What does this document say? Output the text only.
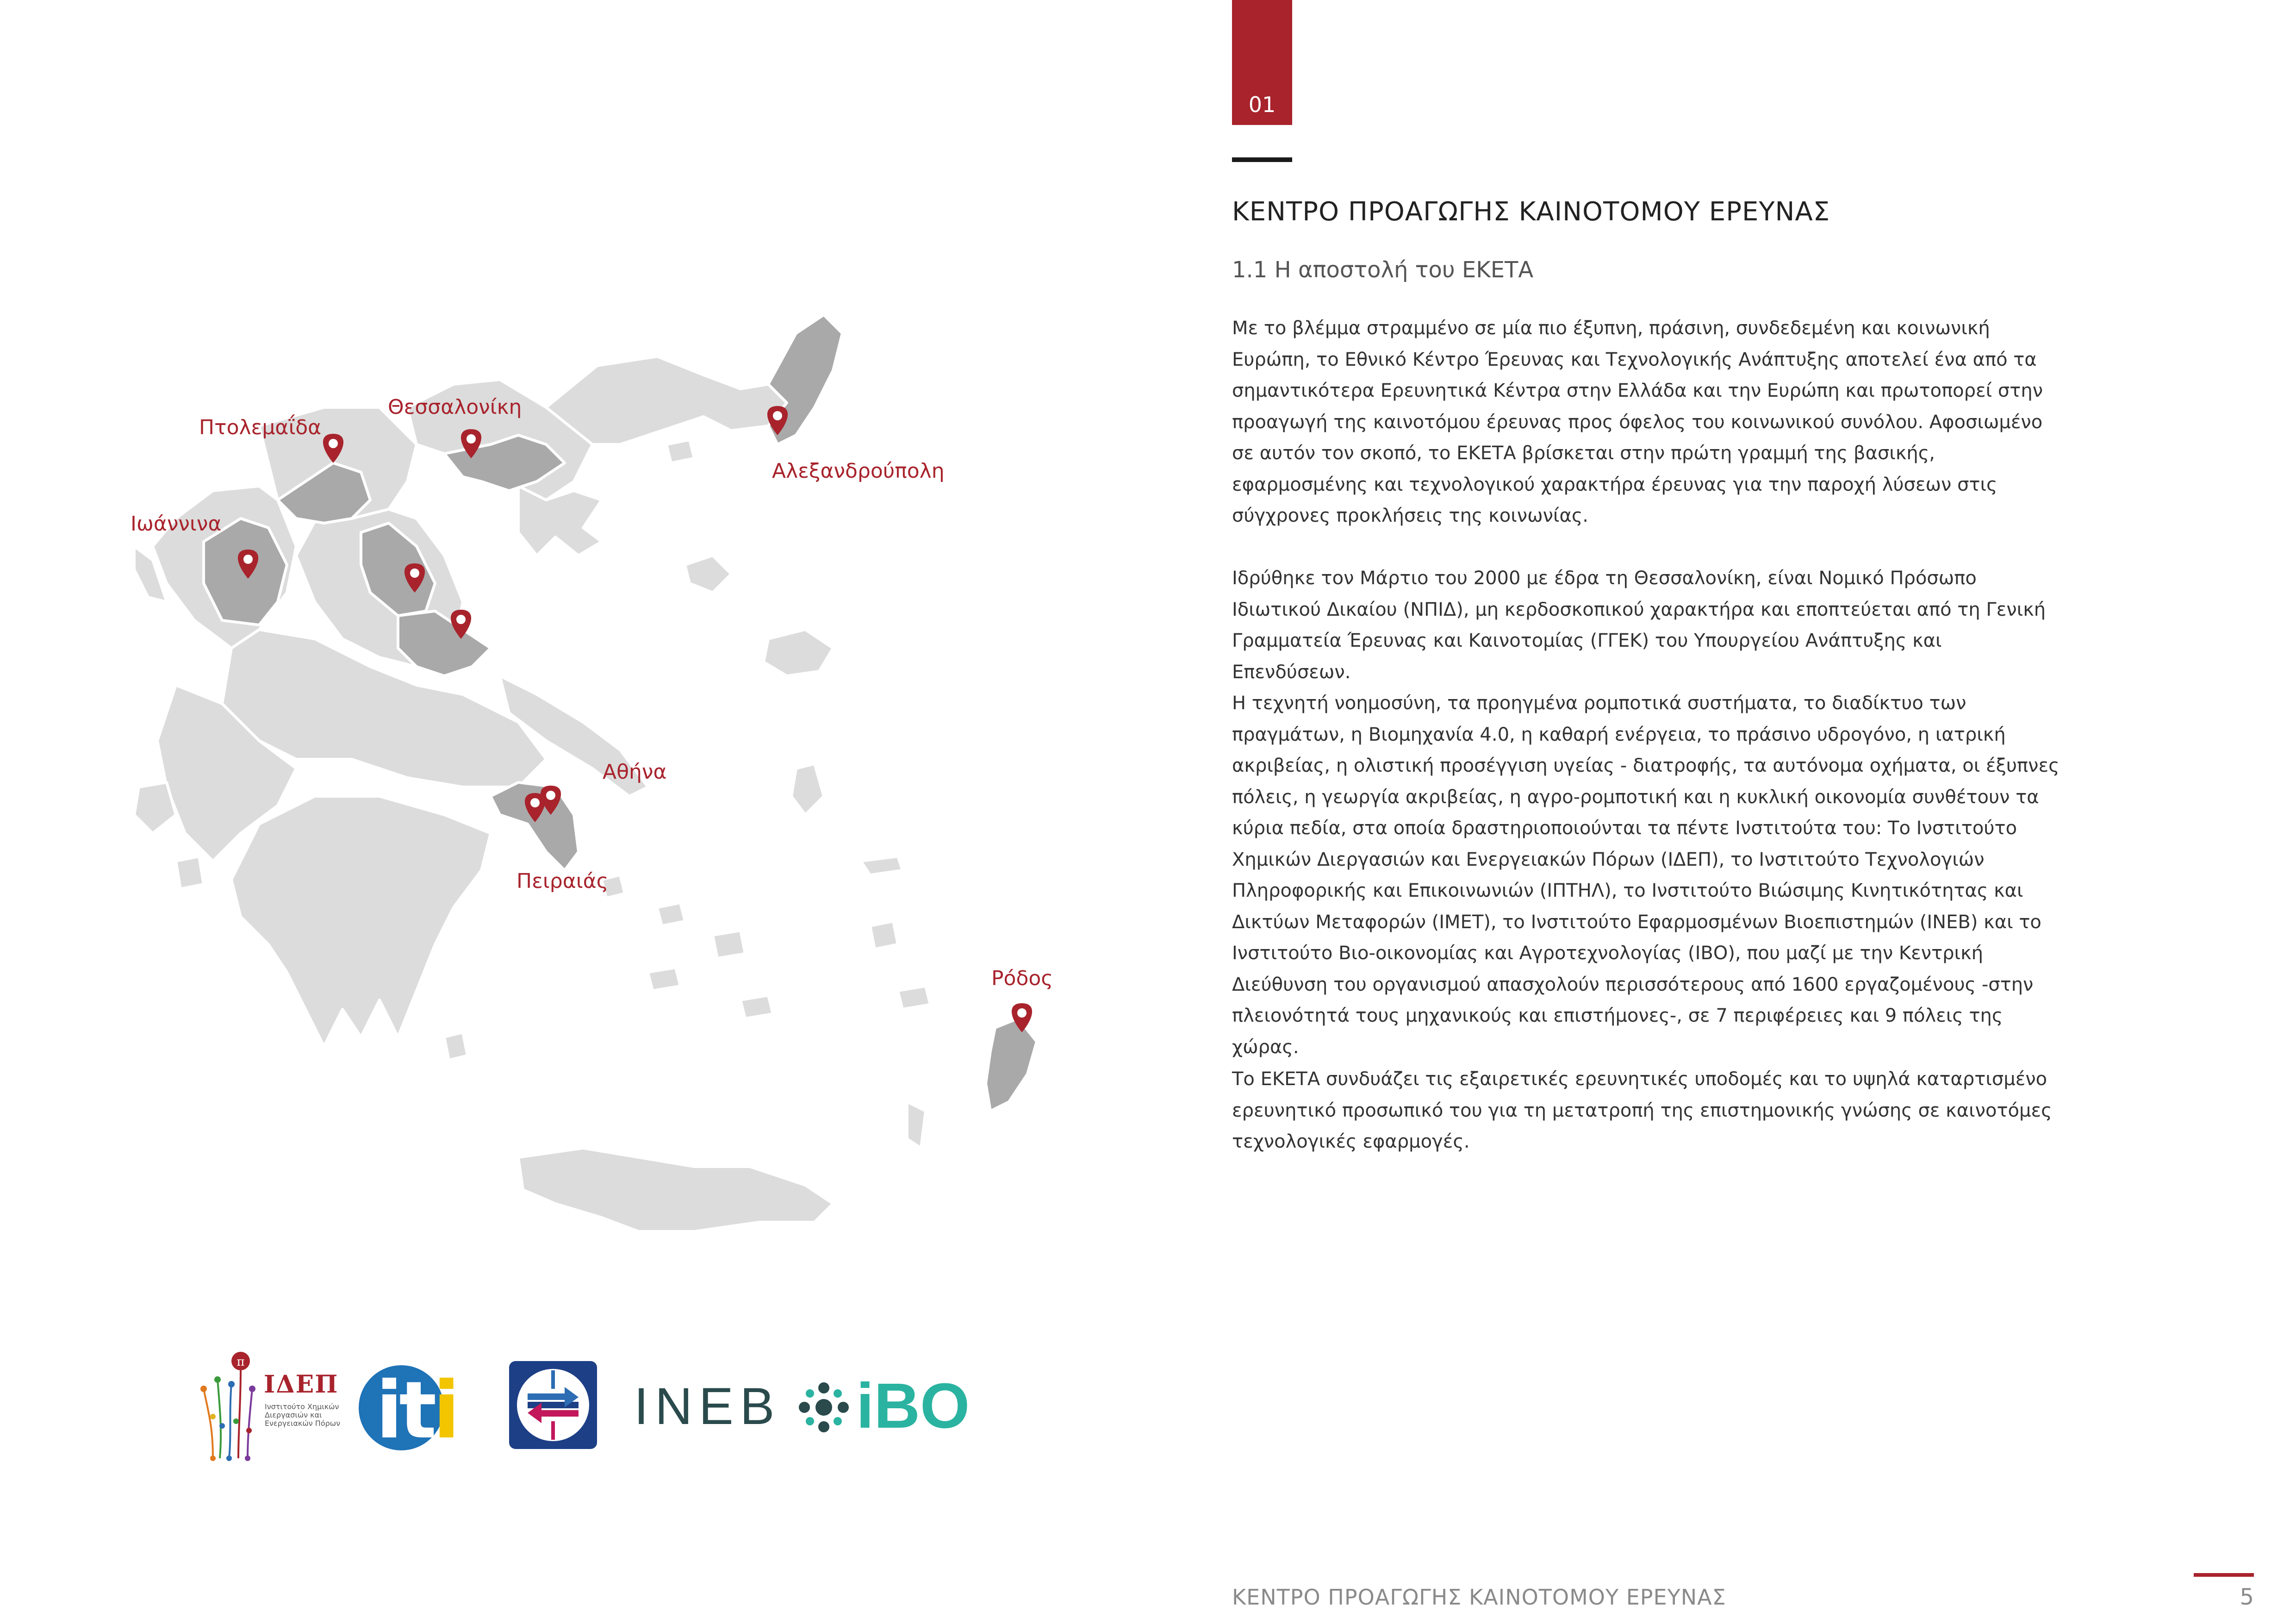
Πτολεμαΐδα
Θεσσαλονίκη
Αλεξανδρούπολη
Ιωάννινα
Αθήνα
Πειραιάς
Ρόδος
01
ΚΕΝΤΡΟ ΠΡΟΑΓΩΓΗΣ ΚΑΙΝΟΤΟΜΟΥ ΕΡΕΥΝΑΣ
1.1 Η αποστολή του ΕΚΕΤΑ

Με το βλέμμα στραμμένο σε μία πιο έξυπνη, πράσινη, συνδεδεμένη και κοινωνική Ευρώπη, το Εθνικό Κέντρο Έρευνας και Τεχνολογικής Ανάπτυξης αποτελεί ένα από τα σημαντικότερα Ερευνητικά Κέντρα στην Ελλάδα και την Ευρώπη και πρωτοπορεί στην προαγωγή της καινοτόμου έρευνας προς όφελος του κοινωνικού συνόλου. Αφοσιωμένο σε αυτόν τον σκοπό, το ΕΚΕΤΑ βρίσκεται στην πρώτη γραμμή της βασικής, εφαρμοσμένης και τεχνολογικού χαρακτήρα έρευνας για την παροχή λύσεων στις σύγχρονες προκλήσεις της κοινωνίας.

Ιδρύθηκε τον Μάρτιο του 2000 με έδρα τη Θεσσαλονίκη, είναι Νομικό Πρόσωπο Ιδιωτικού Δικαίου (ΝΠΙΔ), μη κερδοσκοπικού χαρακτήρα και εποπτεύεται από τη Γενική Γραμματεία Έρευνας και Καινοτομίας (ΓΓΕΚ) του Υπουργείου Ανάπτυξης και Επενδύσεων.

Η τεχνητή νοημοσύνη, τα προηγμένα ρομποτικά συστήματα, το διαδίκτυο των πραγμάτων, η Βιομηχανία 4.0, η καθαρή ενέργεια, το πράσινο υδρογόνο, η ιατρική ακριβείας, η ολιστική προσέγγιση υγείας - διατροφής, τα αυτόνομα οχήματα, οι έξυπνες πόλεις, η γεωργία ακριβείας, η αγρο-ρομποτική και η κυκλική οικονομία συνθέτουν τα κύρια πεδία, στα οποία δραστηριοποιούνται τα πέντε Ινστιτούτα του: Το Ινστιτούτο Χημικών Διεργασιών και Ενεργειακών Πόρων (ΙΔΕΠ), το Ινστιτούτο Τεχνολογιών Πληροφορικής και Επικοινωνιών (ΙΠΤΗΛ), το Ινστιτούτο Βιώσιμης Κινητικότητας και Δικτύων Μεταφορών (ΙΜΕΤ), το Ινστιτούτο Εφαρμοσμένων Βιοεπιστημών (ΙΝΕΒ) και το Ινστιτούτο Βιο-οικονομίας και Αγροτεχνολογίας (ΙΒΟ), που μαζί με την Κεντρική Διεύθυνση του οργανισμού απασχολούν περισσότερους από 1600 εργαζομένους -στην πλειονότητά τους μηχανικούς και επιστήμονες-, σε 7 περιφέρειες και 9 πόλεις της χώρας.

Το ΕΚΕΤΑ συνδυάζει τις εξαιρετικές ερευνητικές υποδομές και το υψηλά καταρτισμένο ερευνητικό προσωπικό του για τη μετατροπή της επιστημονικής γνώσης σε καινοτόμες τεχνολογικές εφαρμογές.

π
ΙΔΕΠ
Ινστιτούτο Χημικών Διεργασιών και Ενεργειακών Πόρων iti	INEB iBO
ΚΕΝΤΡΟ ΠΡΟΑΓΩΓΗΣ ΚΑΙΝΟΤΟΜΟΥ ΕΡΕΥΝΑΣ	5
